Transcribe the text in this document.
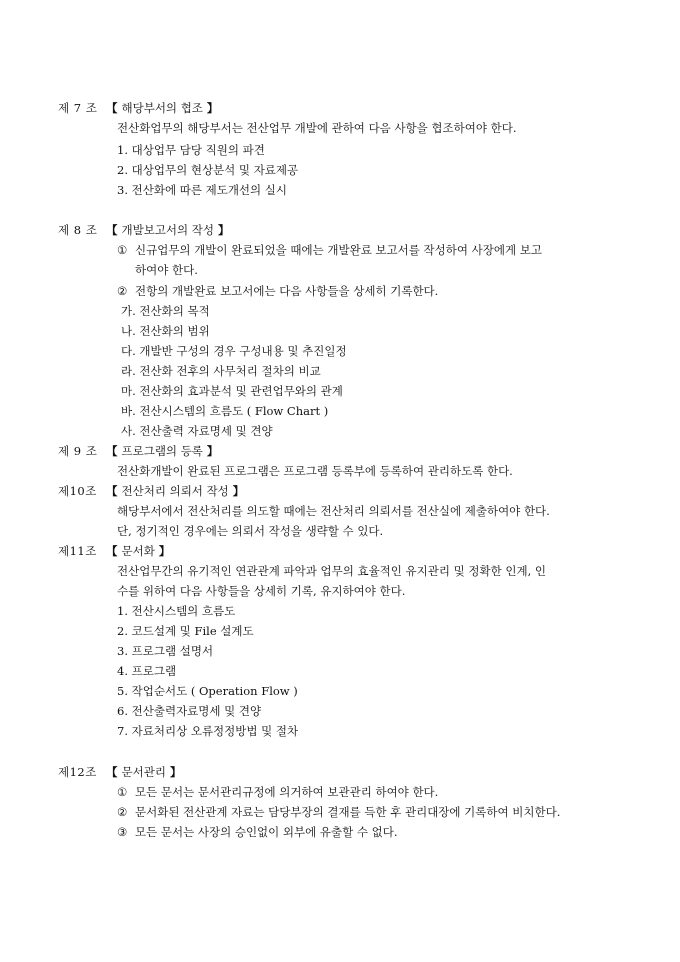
제 7 조 【 해당부서의 협조 】
전산화업무의 해당부서는 전산업무 개발에 관하여 다음 사항을 협조하여야 한다.
1. 대상업무 담당 직원의 파견
2. 대상업무의 현상분석 및 자료제공
3. 전산화에 따른 제도개선의 실시
제 8 조 【 개발보고서의 작성 】
① 신규업무의 개발이 완료되었을 때에는 개발완료 보고서를 작성하여 사장에게 보고
하여야 한다.
② 전항의 개발완료 보고서에는 다음 사항들을 상세히 기록한다.
가. 전산화의 목적
나. 전산화의 범위
다. 개발반 구성의 경우 구성내용 및 추진일정
라. 전산화 전후의 사무처리 절차의 비교
마. 전산화의 효과분석 및 관련업무와의 관계
바. 전산시스템의 흐름도 ( Flow Chart )
사. 전산출력 자료명세 및 견양
제 9 조 【 프로그램의 등록 】
전산화개발이 완료된 프로그램은 프로그램 등록부에 등록하여 관리하도록 한다.
제10조 【 전산처리 의뢰서 작성 】
해당부서에서 전산처리를 의도할 때에는 전산처리 의뢰서를 전산실에 제출하여야 한다.
단, 정기적인 경우에는 의뢰서 작성을 생략할 수 있다.
제11조 【 문서화 】
전산업무간의 유기적인 연관관계 파악과 업무의 효율적인 유지관리 및 정확한 인계, 인
수를 위하여 다음 사항들을 상세히 기록, 유지하여야 한다.
1. 전산시스템의 흐름도
2. 코드설계 및 File 설계도
3. 프로그램 설명서
4. 프로그램
5. 작업순서도 ( Operation Flow )
6. 전산출력자료명세 및 견양
7. 자료처리상 오류정정방법 및 절차
제12조 【 문서관리 】
① 모든 문서는 문서관리규정에 의거하여 보관관리 하여야 한다.
② 문서화된 전산관계 자료는 담당부장의 결재를 득한 후 관리대장에 기록하여 비치한다.
③ 모든 문서는 사장의 승인없이 외부에 유출할 수 없다.
